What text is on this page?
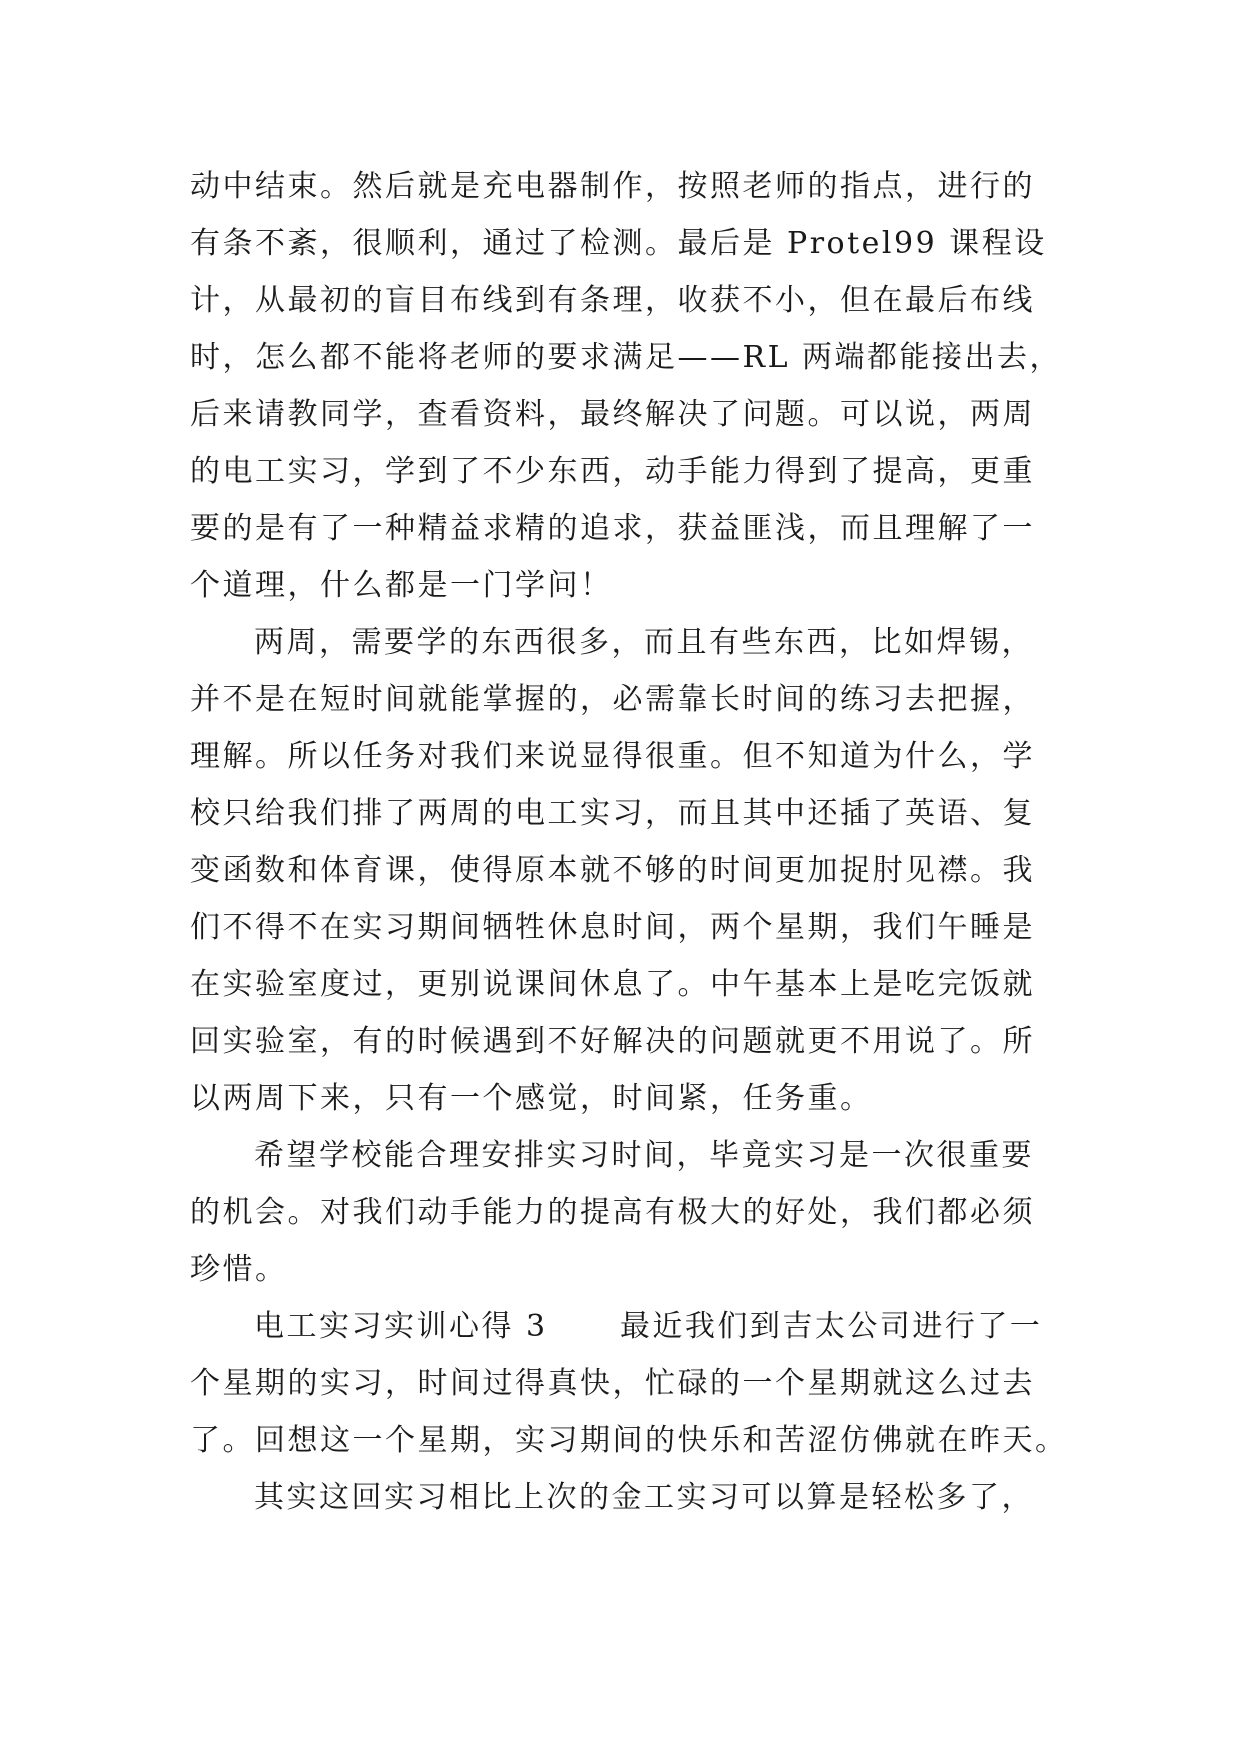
动中结束。然后就是充电器制作，按照老师的指点，进行的
有条不紊，很顺利，通过了检测。最后是 Protel99 课程设
计，从最初的盲目布线到有条理，收获不小，但在最后布线
时，怎么都不能将老师的要求满足——RL 两端都能接出去，
后来请教同学，查看资料，最终解决了问题。可以说，两周
的电工实习，学到了不少东西，动手能力得到了提高，更重
要的是有了一种精益求精的追求，获益匪浅，而且理解了一
个道理，什么都是一门学问！
两周，需要学的东西很多，而且有些东西，比如焊锡，
并不是在短时间就能掌握的，必需靠长时间的练习去把握，
理解。所以任务对我们来说显得很重。但不知道为什么，学
校只给我们排了两周的电工实习，而且其中还插了英语、复
变函数和体育课，使得原本就不够的时间更加捉肘见襟。我
们不得不在实习期间牺牲休息时间，两个星期，我们午睡是
在实验室度过，更别说课间休息了。中午基本上是吃完饭就
回实验室，有的时候遇到不好解决的问题就更不用说了。所
以两周下来，只有一个感觉，时间紧，任务重。
希望学校能合理安排实习时间，毕竟实习是一次很重要
的机会。对我们动手能力的提高有极大的好处，我们都必须
珍惜。
电工实习实训心得 3      最近我们到吉太公司进行了一
个星期的实习，时间过得真快，忙碌的一个星期就这么过去
了。回想这一个星期，实习期间的快乐和苦涩仿佛就在昨天。
其实这回实习相比上次的金工实习可以算是轻松多了，
